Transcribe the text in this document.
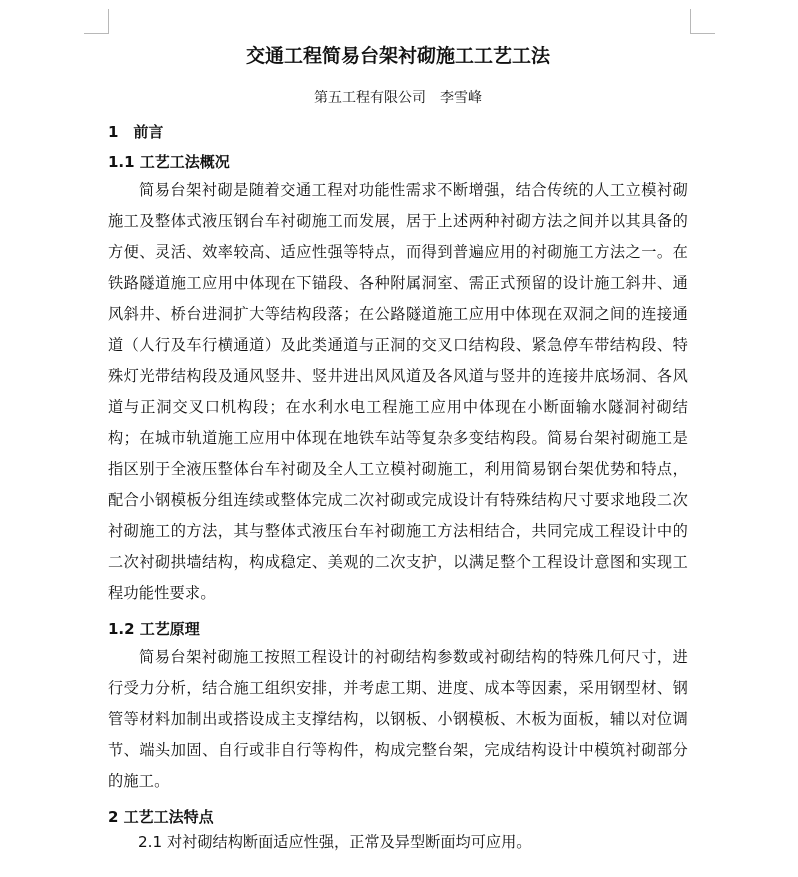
交通工程简易台架衬砌施工工艺工法
第五工程有限公司　李雪峰
1　前言
1.1 工艺工法概况

简易台架衬砌是随着交通工程对功能性需求不断增强，结合传统的人工立模衬砌施工及整体式液压钢台车衬砌施工而发展，居于上述两种衬砌方法之间并以其具备的方便、灵活、效率较高、适应性强等特点，而得到普遍应用的衬砌施工方法之一。在铁路隧道施工应用中体现在下锚段、各种附属洞室、需正式预留的设计施工斜井、通风斜井、桥台进洞扩大等结构段落；在公路隧道施工应用中体现在双洞之间的连接通道（人行及车行横通道）及此类通道与正洞的交叉口结构段、紧急停车带结构段、特殊灯光带结构段及通风竖井、竖井进出风风道及各风道与竖井的连接井底场洞、各风道与正洞交叉口机构段；在水利水电工程施工应用中体现在小断面输水隧洞衬砌结构；在城市轨道施工应用中体现在地铁车站等复杂多变结构段。简易台架衬砌施工是指区别于全液压整体台车衬砌及全人工立模衬砌施工，利用简易钢台架优势和特点，配合小钢模板分组连续或整体完成二次衬砌或完成设计有特殊结构尺寸要求地段二次衬砌施工的方法，其与整体式液压台车衬砌施工方法相结合，共同完成工程设计中的二次衬砌拱墙结构，构成稳定、美观的二次支护，以满足整个工程设计意图和实现工程功能性要求。

1.2 工艺原理

简易台架衬砌施工按照工程设计的衬砌结构参数或衬砌结构的特殊几何尺寸，进行受力分析，结合施工组织安排，并考虑工期、进度、成本等因素，采用钢型材、钢管等材料加制出或搭设成主支撑结构，以钢板、小钢模板、木板为面板，辅以对位调节、端头加固、自行或非自行等构件，构成完整台架，完成结构设计中模筑衬砌部分的施工。

2 工艺工法特点

2.1 对衬砌结构断面适应性强，正常及异型断面均可应用。
